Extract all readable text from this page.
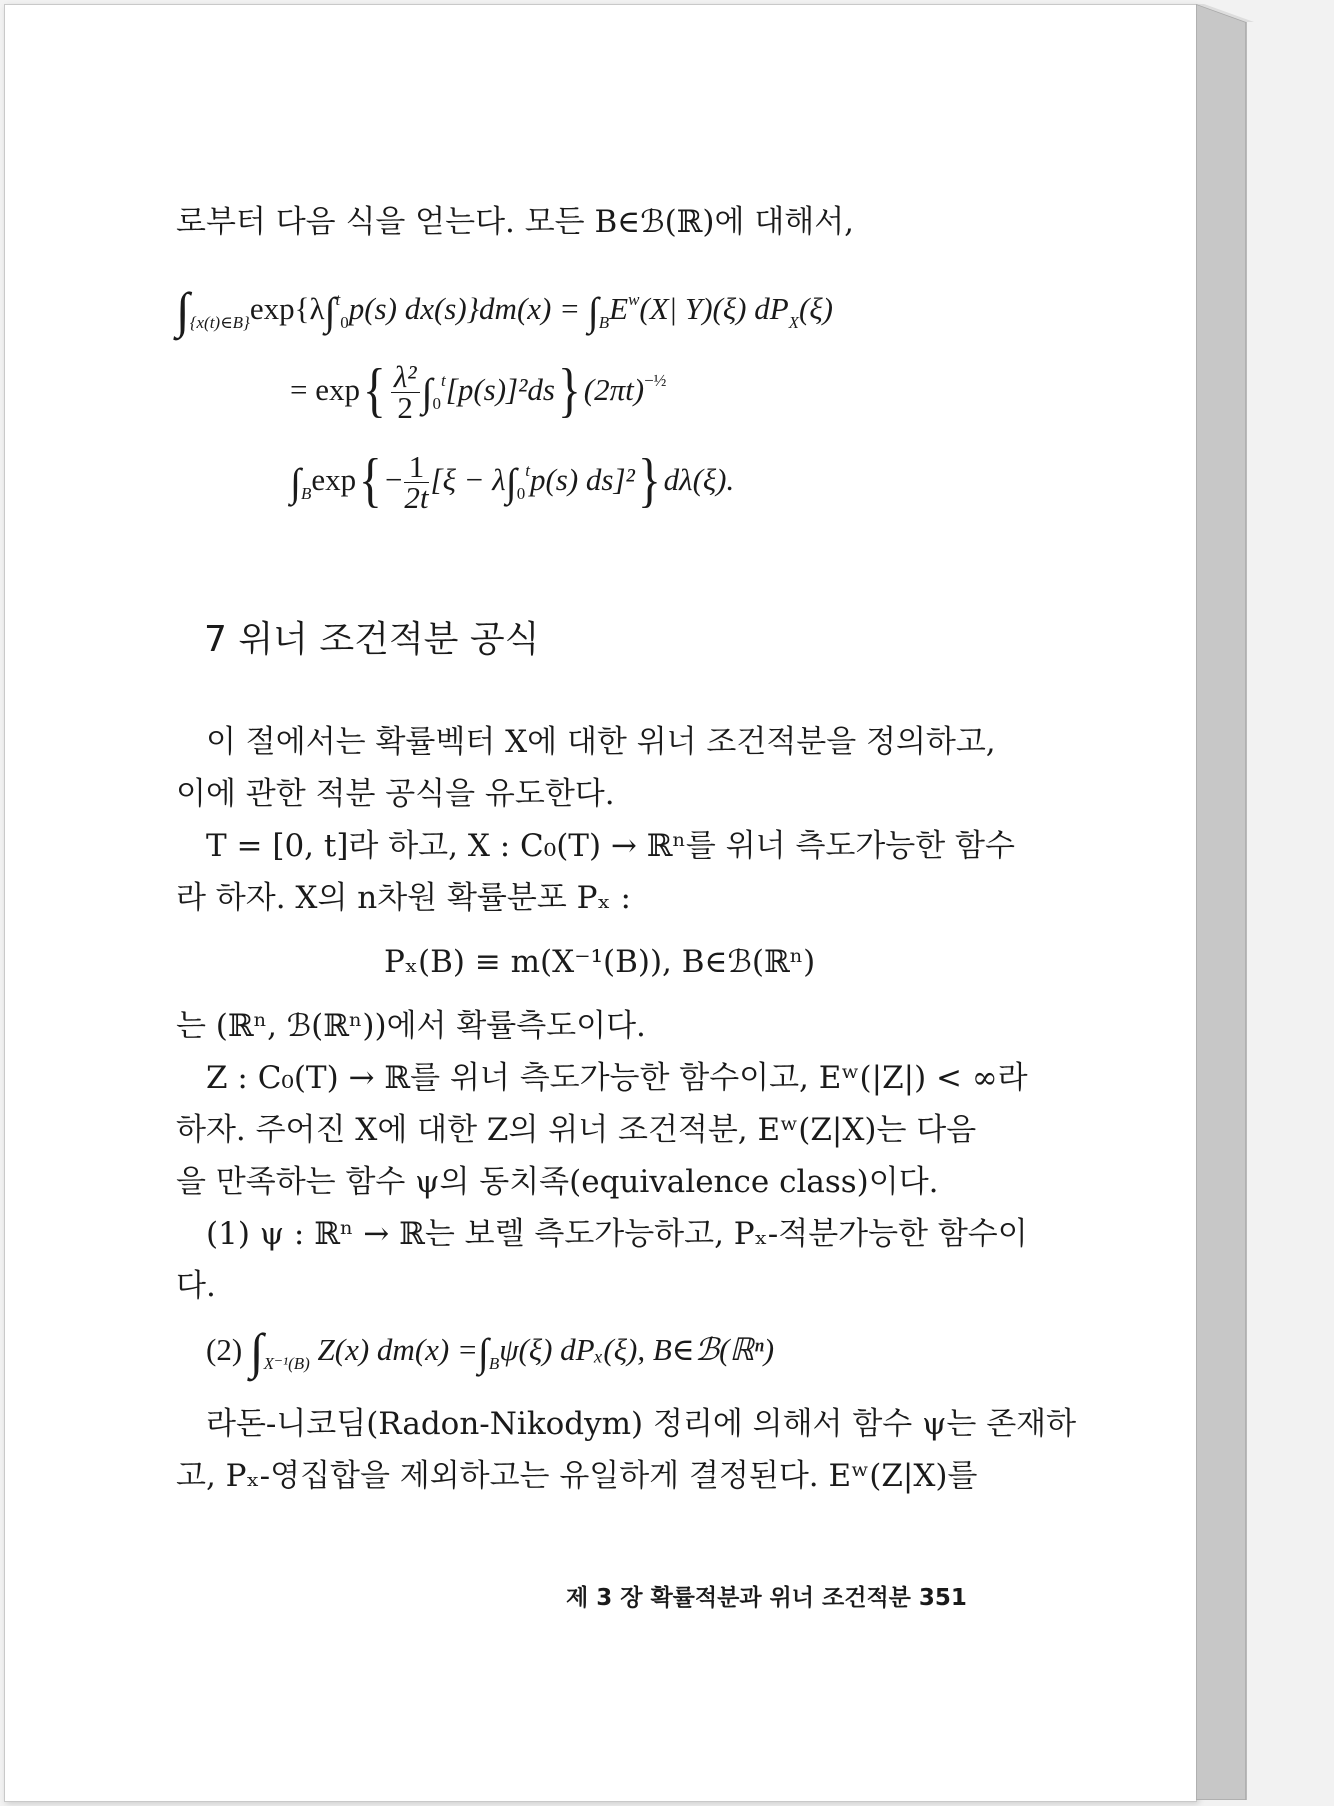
로부터 다음 식을 얻는다. 모든 B∈ℬ(ℝ)에 대해서,
$\int_{\{x(t)\in B\}}\exp\{\lambda\int^t_0p(s) dx(s)\}dm(x) = \int_BE^w(X|$ Y)(ξ) $dP_X(\xi)$
= $\exp\{ \frac{\text{λ²}}{2} \int_0^t[p(s)]^2ds\}(2\pi t)^{-\frac{1}{2}}$
$\int_B\exp\{- \frac{1}{2t} [\xi - \lambda\int_0^tp(s)$ ds]²}dλ(ξ).
7 위너 조건적분 공식
이 절에서는 확률벡터 X에 대한 위너 조건적분을 정의하고,
이에 관한 적분 공식을 유도한다.
T = [0, t]라 하고, X : C₀(T) → ℝⁿ를 위너 측도가능한 함수
라 하자. X의 n차원 확률분포 Pₓ :
Pₓ(B) ≡ m(X⁻¹(B)), B∈ℬ(ℝⁿ)
는 (ℝⁿ, ℬ(ℝⁿ))에서 확률측도이다.
Z : C₀(T) → ℝ를 위너 측도가능한 함수이고, Eʷ(|Z|) < ∞라
하자. 주어진 X에 대한 Z의 위너 조건적분, Eʷ(Z|X)는 다음
을 만족하는 함수 ψ의 동치족(equivalence class)이다.
(1) ψ : ℝⁿ → ℝ는 보렐 측도가능하고, Pₓ-적분가능한 함수이
다.
(2) $\int_{X^{-1}(B)}$ Z(x) $dm(x) =\int_B\psi(\xi)$ dPₓ(ξ), B∈ℬ(ℝⁿ)
라돈-니코딤(Radon-Nikodym) 정리에 의해서 함수 ψ는 존재하
고, Pₓ-영집합을 제외하고는 유일하게 결정된다. Eʷ(Z|X)를
제 3 장 확률적분과 위너 조건적분 351
